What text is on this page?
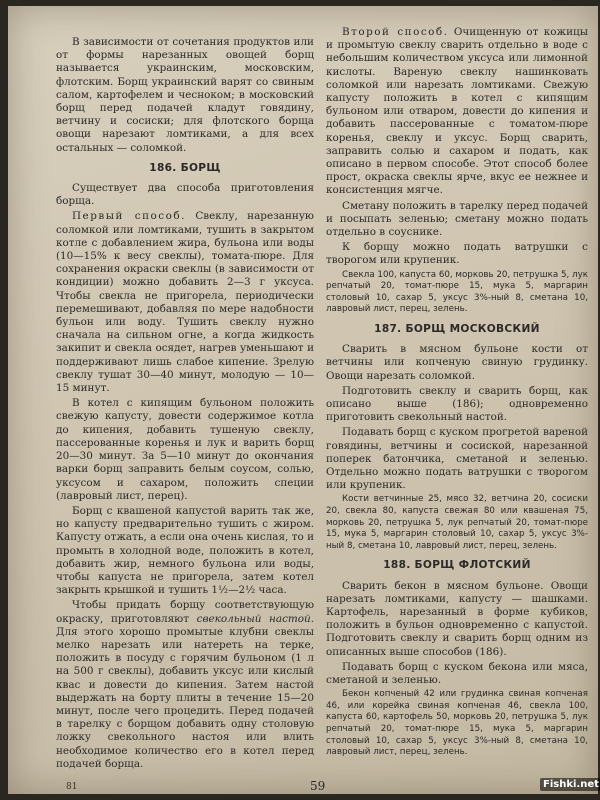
В зависимости от сочетания продуктов или от формы нарезанных овощей борщ называется украинским, московским, флотским. Борщ украинский варят со свиным салом, картофелем и чесноком; в московский борщ перед подачей кладут говядину, ветчину и сосиски; для флотского борща овощи нарезают ломтиками, а для всех остальных — соломкой.

186. БОРЩ

Существует два способа приготовления борща.

Первый способ. Свеклу, нарезанную соломкой или ломтиками, тушить в закрытом котле с добавлением жира, бульона или воды (10—15% к весу свеклы), томата-пюре. Для сохранения окраски свеклы (в зависимости от кондиции) можно добавить 2—3 г уксуса. Чтобы свекла не пригорела, периодически перемешивают, добавляя по мере надобности бульон или воду. Тушить свеклу нужно сначала на сильном огне, а когда жидкость закипит и свекла осядет, нагрев уменьшают и поддерживают лишь слабое кипение. Зрелую свеклу тушат 30—40 минут, молодую — 10—15 минут.

В котел с кипящим бульоном положить свежую капусту, довести содержимое котла до кипения, добавить тушеную свеклу, пассерованные коренья и лук и варить борщ 20—30 минут. За 5—10 минут до окончания варки борщ заправить белым соусом, солью, уксусом и сахаром, положить специи (лавровый лист, перец).

Борщ с квашеной капустой варить так же, но капусту предварительно тушить с жиром. Капусту отжать, а если она очень кислая, то и промыть в холодной воде, положить в котел, добавить жир, немного бульона или воды, чтобы капуста не пригорела, затем котел закрыть крышкой и тушить 1½—2½ часа.

Чтобы придать борщу соответствующую окраску, приготовляют свекольный настой. Для этого хорошо промытые клубни свеклы мелко нарезать или натереть на терке, положить в посуду с горячим бульоном (1 л на 500 г свеклы), добавить уксус или кислый квас и довести до кипения. Затем настой выдержать на борту плиты в течение 15—20 минут, после чего процедить. Перед подачей в тарелку с борщом добавить одну столовую ложку свекольного настоя или влить необходимое количество его в котел перед подачей борща.

Второй способ. Очищенную от кожицы и промытую свеклу сварить отдельно в воде с небольшим количеством уксуса или лимонной кислоты. Вареную свеклу нашинковать соломкой или нарезать ломтиками. Свежую капусту положить в котел с кипящим бульоном или отваром, довести до кипения и добавить пассерованные с томатом-пюре коренья, свеклу и уксус. Борщ сварить, заправить солью и сахаром и подать, как описано в первом способе. Этот способ более прост, окраска свеклы ярче, вкус ее нежнее и консистенция мягче.

Сметану положить в тарелку перед подачей и посыпать зеленью; сметану можно подать отдельно в соуснике.

К борщу можно подать ватрушки с творогом или крупеник.

Свекла 100, капуста 60, морковь 20, петрушка 5, лук репчатый 20, томат-пюре 15, мука 5, маргарин столовый 10, сахар 5, уксус 3%-ный 8, сметана 10, лавровый лист, перец, зелень.

187. БОРЩ МОСКОВСКИЙ

Сварить в мясном бульоне кости от ветчины или копченую свиную грудинку. Овощи нарезать соломкой.

Подготовить свеклу и сварить борщ, как описано выше (186); одновременно приготовить свекольный настой.

Подавать борщ с куском прогретой вареной говядины, ветчины и сосиской, нарезанной поперек батончика, сметаной и зеленью. Отдельно можно подать ватрушки с творогом или крупеник.

Кости ветчинные 25, мясо 32, ветчина 20, сосиски 20, свекла 80, капуста свежая 80 или квашеная 75, морковь 20, петрушка 5, лук репчатый 20, томат-пюре 15, мука 5, маргарин столовый 10, сахар 5, уксус 3%-ный 8, сметана 10, лавровый лист, перец, зелень.

188. БОРЩ ФЛОТСКИЙ

Сварить бекон в мясном бульоне. Овощи нарезать ломтиками, капусту — шашками. Картофель, нарезанный в форме кубиков, положить в бульон одновременно с капустой. Подготовить свеклу и сварить борщ одним из описанных выше способов (186).

Подавать борщ с куском бекона или мяса, сметаной и зеленью.

Бекон копченый 42 или грудинка свиная копченая 46, или корейка свиная копченая 46, свекла 100, капуста 60, картофель 50, морковь 20, петрушка 5, лук репчатый 20, томат-пюре 15, мука 5, маргарин столовый 10, сахар 5, уксус 3%-ный 8, сметана 10, лавровый лист, перец, зелень.

81	59	Fishki.net
